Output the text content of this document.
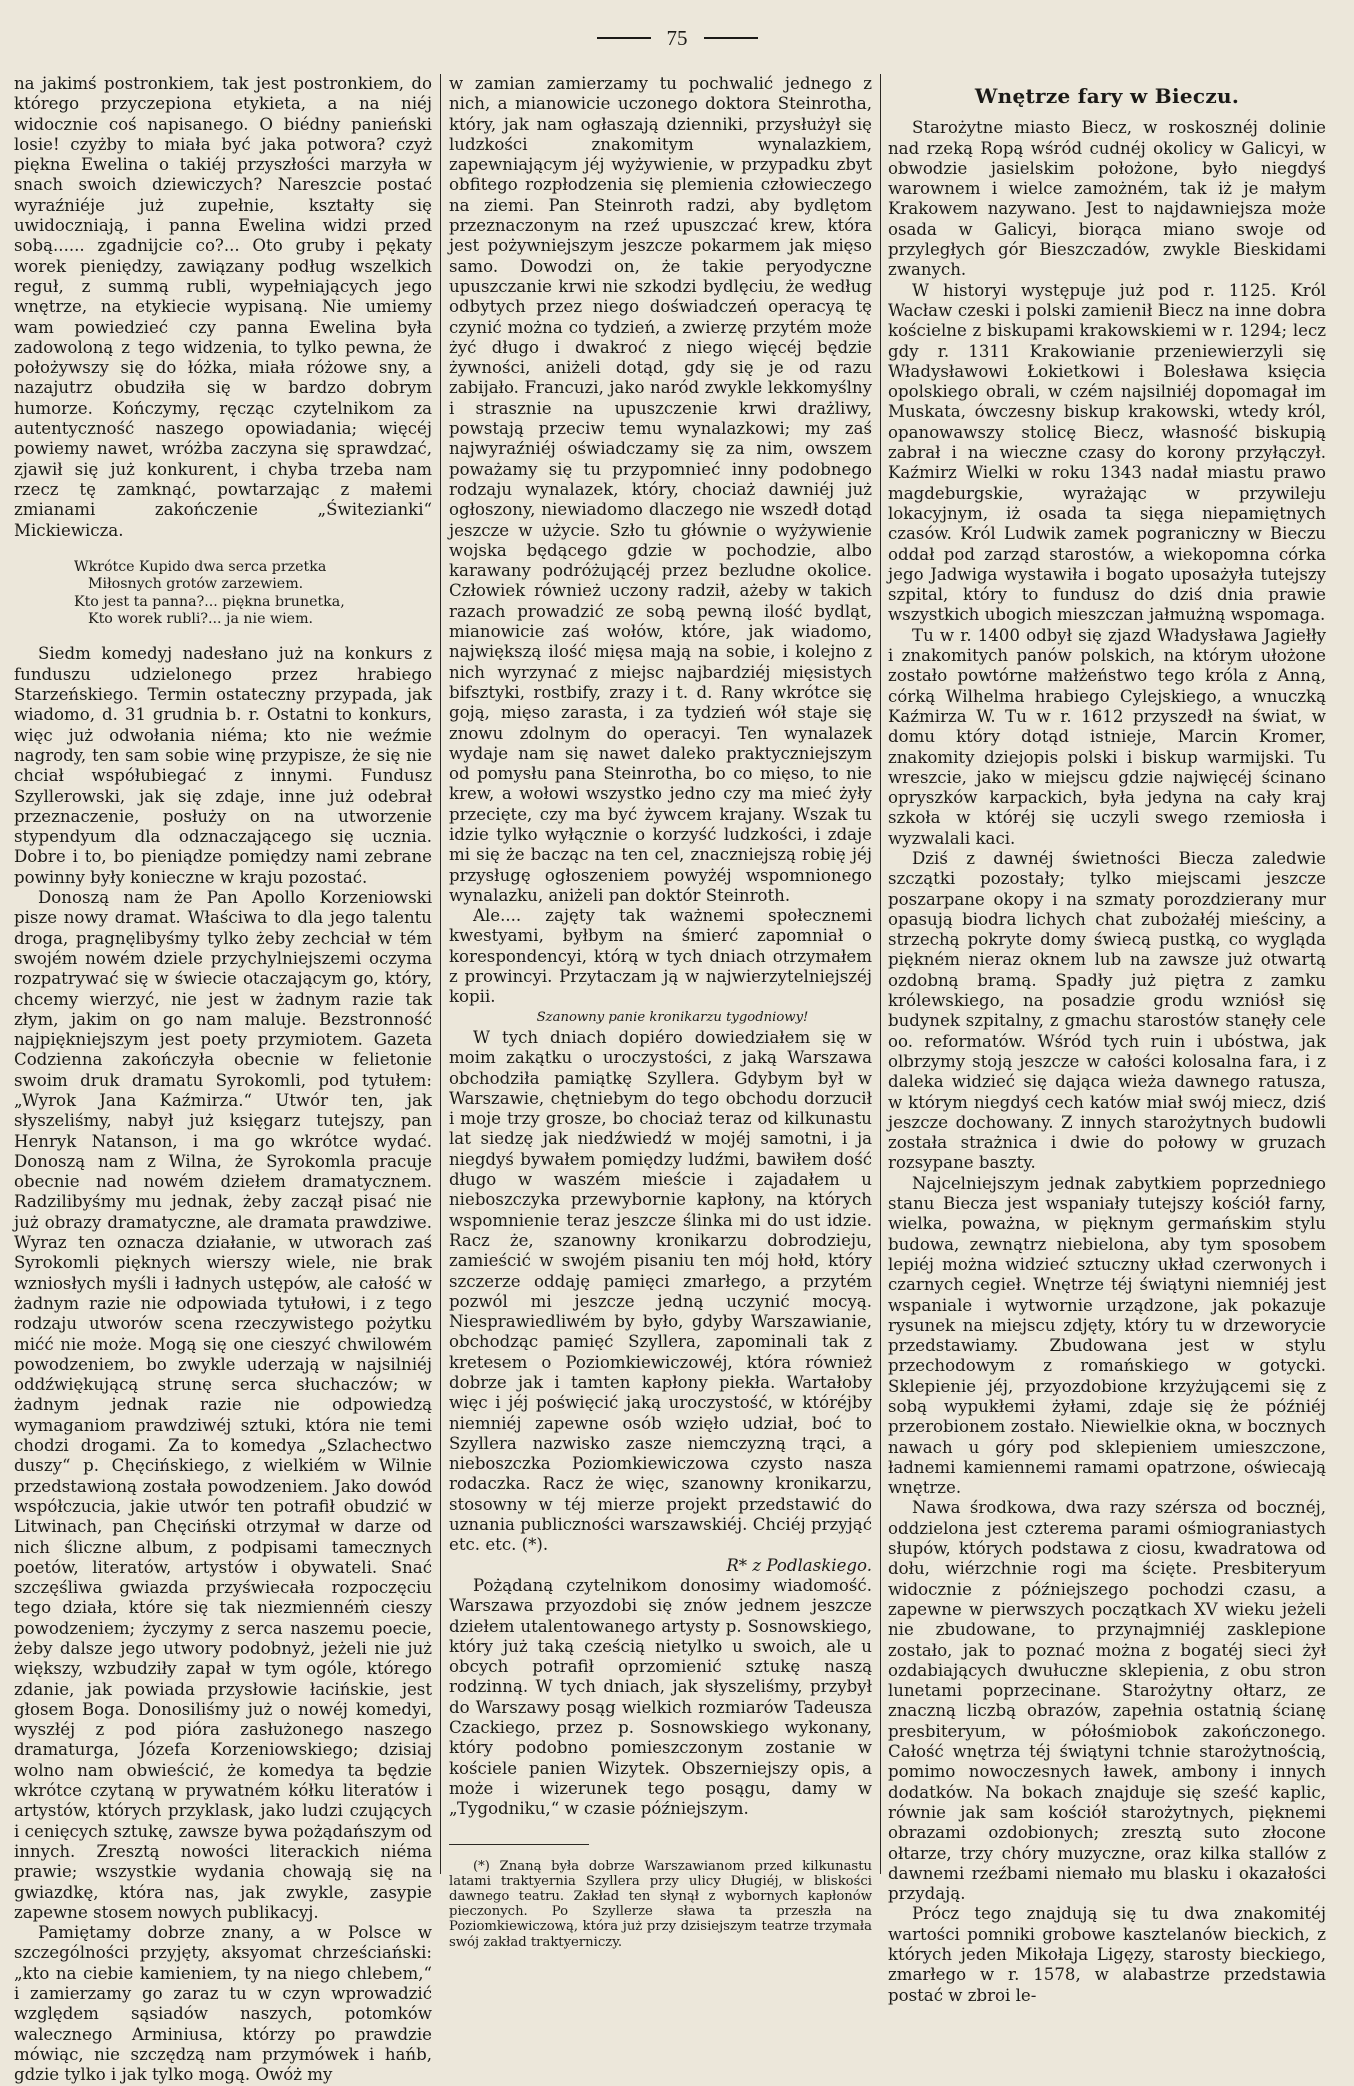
75

na jakimś postronkiem, tak jest postronkiem, do którego przyczepiona etykieta, a na niéj widocznie coś napisanego. O biédny panieński losie! czyżby to miała być jaka potwora? czyż piękna Ewelina o takiéj przyszłości marzyła w snach swoich dziewiczych? Nareszcie postać wyraźniéje już zupełnie, kształty się uwidoczniają, i panna Ewelina widzi przed sobą...... zgadnijcie co?... Oto gruby i pękaty worek pieniędzy, zawiązany podług wszelkich reguł, z summą rubli, wypełniających jego wnętrze, na etykiecie wypisaną. Nie umiemy wam powiedzieć czy panna Ewelina była zadowoloną z tego widzenia, to tylko pewna, że położywszy się do łóżka, miała różowe sny, a nazajutrz obudziła się w bardzo dobrym humorze. Kończymy, ręcząc czytelnikom za autentyczność naszego opowiadania; więcéj powiemy nawet, wróżba zaczyna się sprawdzać, zjawił się już konkurent, i chyba trzeba nam rzecz tę zamknąć, powtarzając z małemi zmianami zakończenie „Świtezianki“ Mickiewicza.

Wkrótce Kupido dwa serca przetka
Miłosnych grotów zarzewiem.
Kto jest ta panna?... piękna brunetka,
Kto worek rubli?... ja nie wiem.

Siedm komedyj nadesłano już na konkurs z funduszu udzielonego przez hrabiego Starzeńskiego. Termin ostateczny przypada, jak wiadomo, d. 31 grudnia b. r. Ostatni to konkurs, więc już odwołania niéma; kto nie weźmie nagrody, ten sam sobie winę przypisze, że się nie chciał współubiegać z innymi. Fundusz Szyllerowski, jak się zdaje, inne już odebrał przeznaczenie, posłuży on na utworzenie stypendyum dla odznaczającego się ucznia. Dobre i to, bo pieniądze pomiędzy nami zebrane powinny były konieczne w kraju pozostać.

Donoszą nam że Pan Apollo Korzeniowski pisze nowy dramat. Właściwa to dla jego talentu droga, pragnęlibyśmy tylko żeby zechciał w tém swojém nowém dziele przychylniejszemi oczyma rozpatrywać się w świecie otaczającym go, który, chcemy wierzyć, nie jest w żadnym razie tak złym, jakim on go nam maluje. Bezstronność najpiękniejszym jest poety przymiotem. Gazeta Codzienna zakończyła obecnie w felietonie swoim druk dramatu Syrokomli, pod tytułem: „Wyrok Jana Kaźmirza.“ Utwór ten, jak słyszeliśmy, nabył już księgarz tutejszy, pan Henryk Natanson, i ma go wkrótce wydać. Donoszą nam z Wilna, że Syrokomla pracuje obecnie nad nowém dziełem dramatycznem. Radzilibyśmy mu jednak, żeby zaczął pisać nie już obrazy dramatyczne, ale dramata prawdziwe. Wyraz ten oznacza działanie, w utworach zaś Syrokomli pięknych wierszy wiele, nie brak wzniosłych myśli i ładnych ustępów, ale całość w żadnym razie nie odpowiada tytułowi, i z tego rodzaju utworów scena rzeczywistego pożytku mićć nie może. Mogą się one cieszyć chwilowém powodzeniem, bo zwykle uderzają w najsilniéj oddźwiękującą strunę serca słuchaczów; w żadnym jednak razie nie odpowiedzą wymaganiom prawdziwéj sztuki, która nie temi chodzi drogami. Za to komedya „Szlachectwo duszy“ p. Chęcińskiego, z wielkiém w Wilnie przedstawioną została powodzeniem. Jako dowód współczucia, jakie utwór ten potrafił obudzić w Litwinach, pan Chęciński otrzymał w darze od nich śliczne album, z podpisami tamecznych poetów, literatów, artystów i obywateli. Snać szczęśliwa gwiazda przyświecała rozpoczęciu tego działa, które się tak niezmiennéṁ cieszy powodzeniem; życzymy z serca naszemu poecie, żeby dalsze jego utwory podobnyż, jeżeli nie już większy, wzbudziły zapał w tym ogóle, którego zdanie, jak powiada przysłowie łacińskie, jest głosem Boga. Donosiliśmy już o nowéj komedyi, wyszłéj z pod pióra zasłużonego naszego dramaturga, Józefa Korzeniowskiego; dzisiaj wolno nam obwieścić, że komedya ta będzie wkrótce czytaną w prywatném kółku literatów i artystów, których przyklask, jako ludzi czujących i cenięcych sztukę, zawsze bywa pożądańszym od innych. Zresztą nowości literackich niéma prawie; wszystkie wydania chowają się na gwiazdkę, która nas, jak zwykle, zasypie zapewne stosem nowych publikacyj.

Pamiętamy dobrze znany, a w Polsce w szczególności przyjęty, aksyomat chrześciański: „kto na ciebie kamieniem, ty na niego chlebem,“ i zamierzamy go zaraz tu w czyn wprowadzić względem sąsiadów naszych, potomków walecznego Arminiusa, którzy po prawdzie mówiąc, nie szczędzą nam przymówek i hańb, gdzie tylko i jak tylko mogą. Owóż my

w zamian zamierzamy tu pochwalić jednego z nich, a mianowicie uczonego doktora Steinrotha, który, jak nam ogłaszają dzienniki, przysłużył się ludzkości znakomitym wynalazkiem, zapewniającym jéj wyżywienie, w przypadku zbyt obfitego rozpłodzenia się plemienia człowieczego na ziemi. Pan Steinroth radzi, aby bydlętom przeznaczonym na rzeź upuszczać krew, która jest pożywniejszym jeszcze pokarmem jak mięso samo. Dowodzi on, że takie peryodyczne upuszczanie krwi nie szkodzi bydlęciu, że według odbytych przez niego doświadczeń operacyą tę czynić można co tydzień, a zwierzę przytém może żyć długo i dwakroć z niego więcéj będzie żywności, aniżeli dotąd, gdy się je od razu zabijało. Francuzi, jako naród zwykle lekkomyślny i strasznie na upuszczenie krwi drażliwy, powstają przeciw temu wynalazkowi; my zaś najwyraźniéj oświadczamy się za nim, owszem poważamy się tu przypomnieć inny podobnego rodzaju wynalazek, który, chociaż dawniéj już ogłoszony, niewiadomo dlaczego nie wszedł dotąd jeszcze w użycie. Szło tu głównie o wyżywienie wojska będącego gdzie w pochodzie, albo karawany podróżującéj przez bezludne okolice. Człowiek również uczony radził, ażeby w takich razach prowadzić ze sobą pewną ilość bydląt, mianowicie zaś wołów, które, jak wiadomo, największą ilość mięsa mają na sobie, i kolejno z nich wyrzynać z miejsc najbardziéj mięsistych bifsztyki, rostbify, zrazy i t. d. Rany wkrótce się goją, mięso zarasta, i za tydzień wół staje się znowu zdolnym do operacyi. Ten wynalazek wydaje nam się nawet daleko praktyczniejszym od pomysłu pana Steinrotha, bo co mięso, to nie krew, a wołowi wszystko jedno czy ma mieć żyły przecięte, czy ma być żywcem krajany. Wszak tu idzie tylko wyłącznie o korzyść ludzkości, i zdaje mi się że bacząc na ten cel, znaczniejszą robię jéj przysługę ogłoszeniem powyżéj wspomnionego wynalazku, aniżeli pan doktór Steinroth.

Ale.... zajęty tak ważnemi społecznemi kwestyami, byłbym na śmierć zapomniał o korespondencyi, którą w tych dniach otrzymałem z prowincyi. Przytaczam ją w najwierzytelniejszéj kopii.

Szanowny panie kronikarzu tygodniowy!

W tych dniach dopiéro dowiedziałem się w moim zakątku o uroczystości, z jaką Warszawa obchodziła pamiątkę Szyllera. Gdybym był w Warszawie, chętniebym do tego obchodu dorzucił i moje trzy grosze, bo chociaż teraz od kilkunastu lat siedzę jak niedźwiedź w mojéj samotni, i ja niegdyś bywałem pomiędzy ludźmi, bawiłem dość długo w waszém mieście i zajadałem u nieboszczyka przewybornie kapłony, na których wspomnienie teraz jeszcze ślinka mi do ust idzie. Racz że, szanowny kronikarzu dobrodzieju, zamieścić w swojém pisaniu ten mój hołd, który szczerze oddaję pamięci zmarłego, a przytém pozwól mi jeszcze jedną uczynić mocyą. Niesprawiedliwém by było, gdyby Warszawianie, obchodząc pamięć Szyllera, zapominali tak z kretesem o Poziomkiewiczowéj, która również dobrze jak i tamten kapłony piekła. Wartałoby więc i jéj poświęcić jaką uroczystość, w któréjby niemniéj zapewne osób wzięło udział, boć to Szyllera nazwisko zasze niemczyzną trąci, a nieboszczka Poziomkiewiczowa czysto nasza rodaczka. Racz że więc, szanowny kronikarzu, stosowny w téj mierze projekt przedstawić do uznania publiczności warszawskiéj. Chciéj przyjąć etc. etc. (*).

R* z Podlaskiego.

Pożądaną czytelnikom donosimy wiadomość. Warszawa przyozdobi się znów jednem jeszcze dziełem utalentowanego artysty p. Sosnowskiego, który już taką cześcią nietylko u swoich, ale u obcych potrafił oprzomienić sztukę naszą rodzinną. W tych dniach, jak słyszeliśmy, przybył do Warszawy posąg wielkich rozmiarów Tadeusza Czackiego, przez p. Sosnowskiego wykonany, który podobno pomieszczonym zostanie w kościele panien Wizytek. Obszerniejszy opis, a może i wizerunek tego posągu, damy w „Tygodniku,“ w czasie późniejszym.

(*) Znaną była dobrze Warszawianom przed kilkunastu latami traktyernia Szyllera przy ulicy Długiéj, w bliskości dawnego teatru. Zakład ten słynął z wybornych kapłonów pieczonych. Po Szyllerze sława ta przeszła na Poziomkiewiczową, która już przy dzisiejszym teatrze trzymała swój zakład traktyerniczy.

Wnętrze fary w Bieczu.

Starożytne miasto Biecz, w roskosznéj dolinie nad rzeką Ropą wśród cudnéj okolicy w Galicyi, w obwodzie jasielskim położone, było niegdyś warownem i wielce zamożném, tak iż je małym Krakowem nazywano. Jest to najdawniejsza może osada w Galicyi, biorąca miano swoje od przyległych gór Bieszczadów, zwykle Bieskidami zwanych.

W historyi występuje już pod r. 1125. Król Wacław czeski i polski zamienił Biecz na inne dobra kościelne z biskupami krakowskiemi w r. 1294; lecz gdy r. 1311 Krakowianie przeniewierzyli się Władysławowi Łokietkowi i Bolesława księcia opolskiego obrali, w czém najsilniéj dopomagał im Muskata, ówczesny biskup krakowski, wtedy król, opanowawszy stolicę Biecz, własność biskupią zabrał i na wieczne czasy do korony przyłączył. Kaźmirz Wielki w roku 1343 nadał miastu prawo magdeburgskie, wyrażając w przywileju lokacyjnym, iż osada ta sięga niepamiętnych czasów. Król Ludwik zamek pograniczny w Bieczu oddał pod zarząd starostów, a wiekopomna córka jego Jadwiga wystawiła i bogato uposażyła tutejszy szpital, który to fundusz do dziś dnia prawie wszystkich ubogich mieszczan jałmużną wspomaga.

Tu w r. 1400 odbył się zjazd Władysława Jagiełły i znakomitych panów polskich, na którym ułożone zostało powtórne małżeństwo tego króla z Anną, córką Wilhelma hrabiego Cylejskiego, a wnuczką Kaźmirza W. Tu w r. 1612 przyszedł na świat, w domu który dotąd istnieje, Marcin Kromer, znakomity dziejopis polski i biskup warmijski. Tu wreszcie, jako w miejscu gdzie najwięcéj ścinano opryszków karpackich, była jedyna na cały kraj szkoła w któréj się uczyli swego rzemiosła i wyzwalali kaci.

Dziś z dawnéj świetności Biecza zaledwie szczątki pozostały; tylko miejscami jeszcze poszarpane okopy i na szmaty porozdzierany mur opasują biodra lichych chat zubożałéj mieściny, a strzechą pokryte domy świecą pustką, co wygląda piękném nieraz oknem lub na zawsze już otwartą ozdobną bramą. Spadły już piętra z zamku królewskiego, na posadzie grodu wzniósł się budynek szpitalny, z gmachu starostów stanęły cele oo. reformatów. Wśród tych ruin i ubóstwa, jak olbrzymy stoją jeszcze w całości kolosalna fara, i z daleka widzieć się dająca wieża dawnego ratusza, w którym niegdyś cech katów miał swój miecz, dziś jeszcze dochowany. Z innych starożytnych budowli została strażnica i dwie do połowy w gruzach rozsypane baszty.

Najcelniejszym jednak zabytkiem poprzedniego stanu Biecza jest wspaniały tutejszy kościół farny, wielka, poważna, w pięknym germańskim stylu budowa, zewnątrz niebielona, aby tym sposobem lepiéj można widzieć sztuczny układ czerwonych i czarnych cegieł. Wnętrze téj świątyni niemniéj jest wspaniale i wytwornie urządzone, jak pokazuje rysunek na miejscu zdjęty, który tu w drzeworycie przedstawiamy. Zbudowana jest w stylu przechodowym z romańskiego w gotycki. Sklepienie jéj, przyozdobione krzyżującemi się z sobą wypukłemi żyłami, zdaje się że późniéj przerobionem zostało. Niewielkie okna, w bocznych nawach u góry pod sklepieniem umieszczone, ładnemi kamiennemi ramami opatrzone, oświecają wnętrze.

Nawa środkowa, dwa razy szérsza od bocznéj, oddzielona jest czterema parami ośmiograniastych słupów, których podstawa z ciosu, kwadratowa od dołu, wiérzchnie rogi ma ścięte. Presbiteryum widocznie z późniejszego pochodzi czasu, a zapewne w pierwszych początkach XV wieku jeżeli nie zbudowane, to przynajmniéj zasklepione zostało, jak to poznać można z bogatéj sieci żył ozdabiających dwułuczne sklepienia, z obu stron lunetami poprzecinane. Starożytny ołtarz, ze znaczną liczbą obrazów, zapełnia ostatnią ścianę presbiteryum, w półośmiobok zakończonego. Całość wnętrza téj świątyni tchnie starożytnością, pomimo nowoczesnych ławek, ambony i innych dodatków. Na bokach znajduje się sześć kaplic, równie jak sam kościół starożytnych, pięknemi obrazami ozdobionych; zresztą suto złocone ołtarze, trzy chóry muzyczne, oraz kilka stallów z dawnemi rzeźbami niemało mu blasku i okazałości przydają.

Prócz tego znajdują się tu dwa znakomitéj wartości pomniki grobowe kasztelanów bieckich, z których jeden Mikołaja Ligęzy, starosty bieckiego, zmarłego w r. 1578, w alabastrze przedstawia postać w zbroi le-
